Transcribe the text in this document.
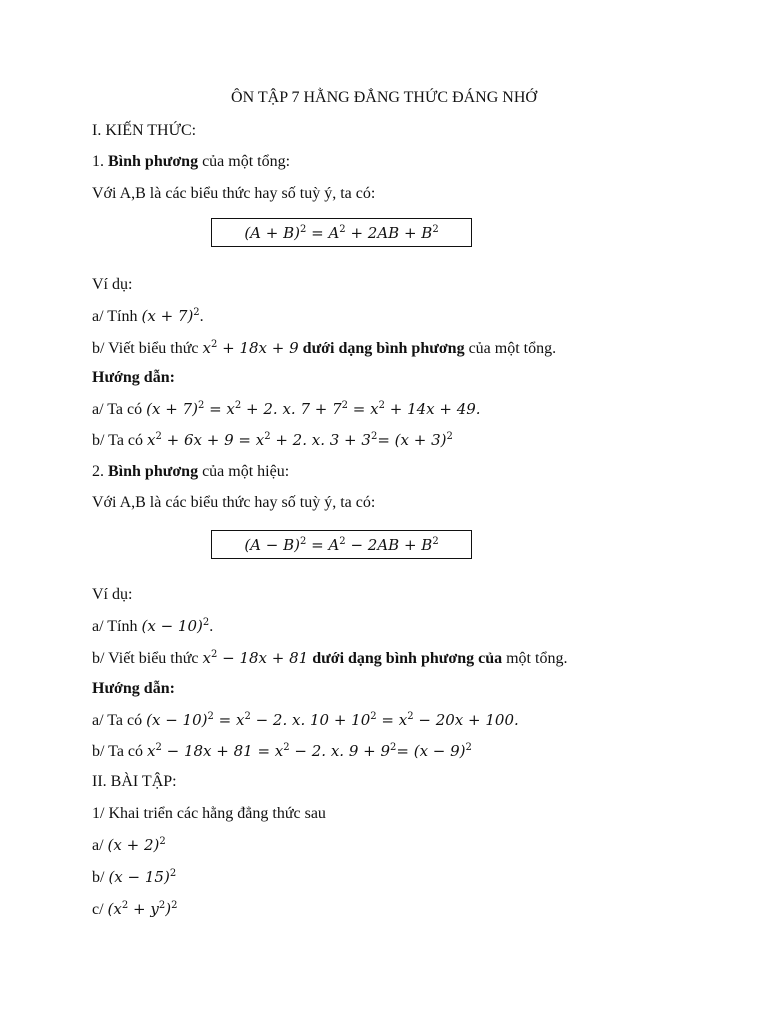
ÔN TẬP 7 HẰNG ĐẲNG THỨC ĐÁNG NHỚ
I. KIẾN THỨC:
1. Bình phương của một tổng:
Với A,B là các biểu thức hay số tuỳ ý, ta có:
$(A + B)^2 = A^2 + 2AB + B^2$
Ví dụ:
a/ Tính $(x + 7)^2$.
b/ Viết biểu thức $x^2 + 18x + 9$ dưới dạng bình phương của một tổng.
Hướng dẫn:
a/ Ta có $(x + 7)^2 = x^2 + 2$. x. $7 + 7^2 = x^2 + 14x + 49$.
b/ Ta có $x^2 + 6x + 9 = x^2 + 2$. x. $3 + 3^2= (x + 3)^2$
2. Bình phương của một hiệu:
Với A,B là các biểu thức hay số tuỳ ý, ta có:
$(A - B)^2 = A^2 - 2AB + B^2$
Ví dụ:
a/ Tính $(x - 10)^2$.
b/ Viết biểu thức $x^2 - 18x + 81$ dưới dạng bình phương của một tổng.
Hướng dẫn:
a/ Ta có $(x - 10)^2 = x^2 - 2$. x. $10 + 10^2 = x^2 - 20x + 100$.
b/ Ta có $x^2 - 18x + 81 = x^2 - 2$. x. $9 + 9^2= (x - 9)^2$
II. BÀI TẬP:
1/ Khai triển các hằng đẳng thức sau
a/ $(x + 2)^2$
b/ $(x - 15)^2$
c/ $(x^2 + y^2)^2$
